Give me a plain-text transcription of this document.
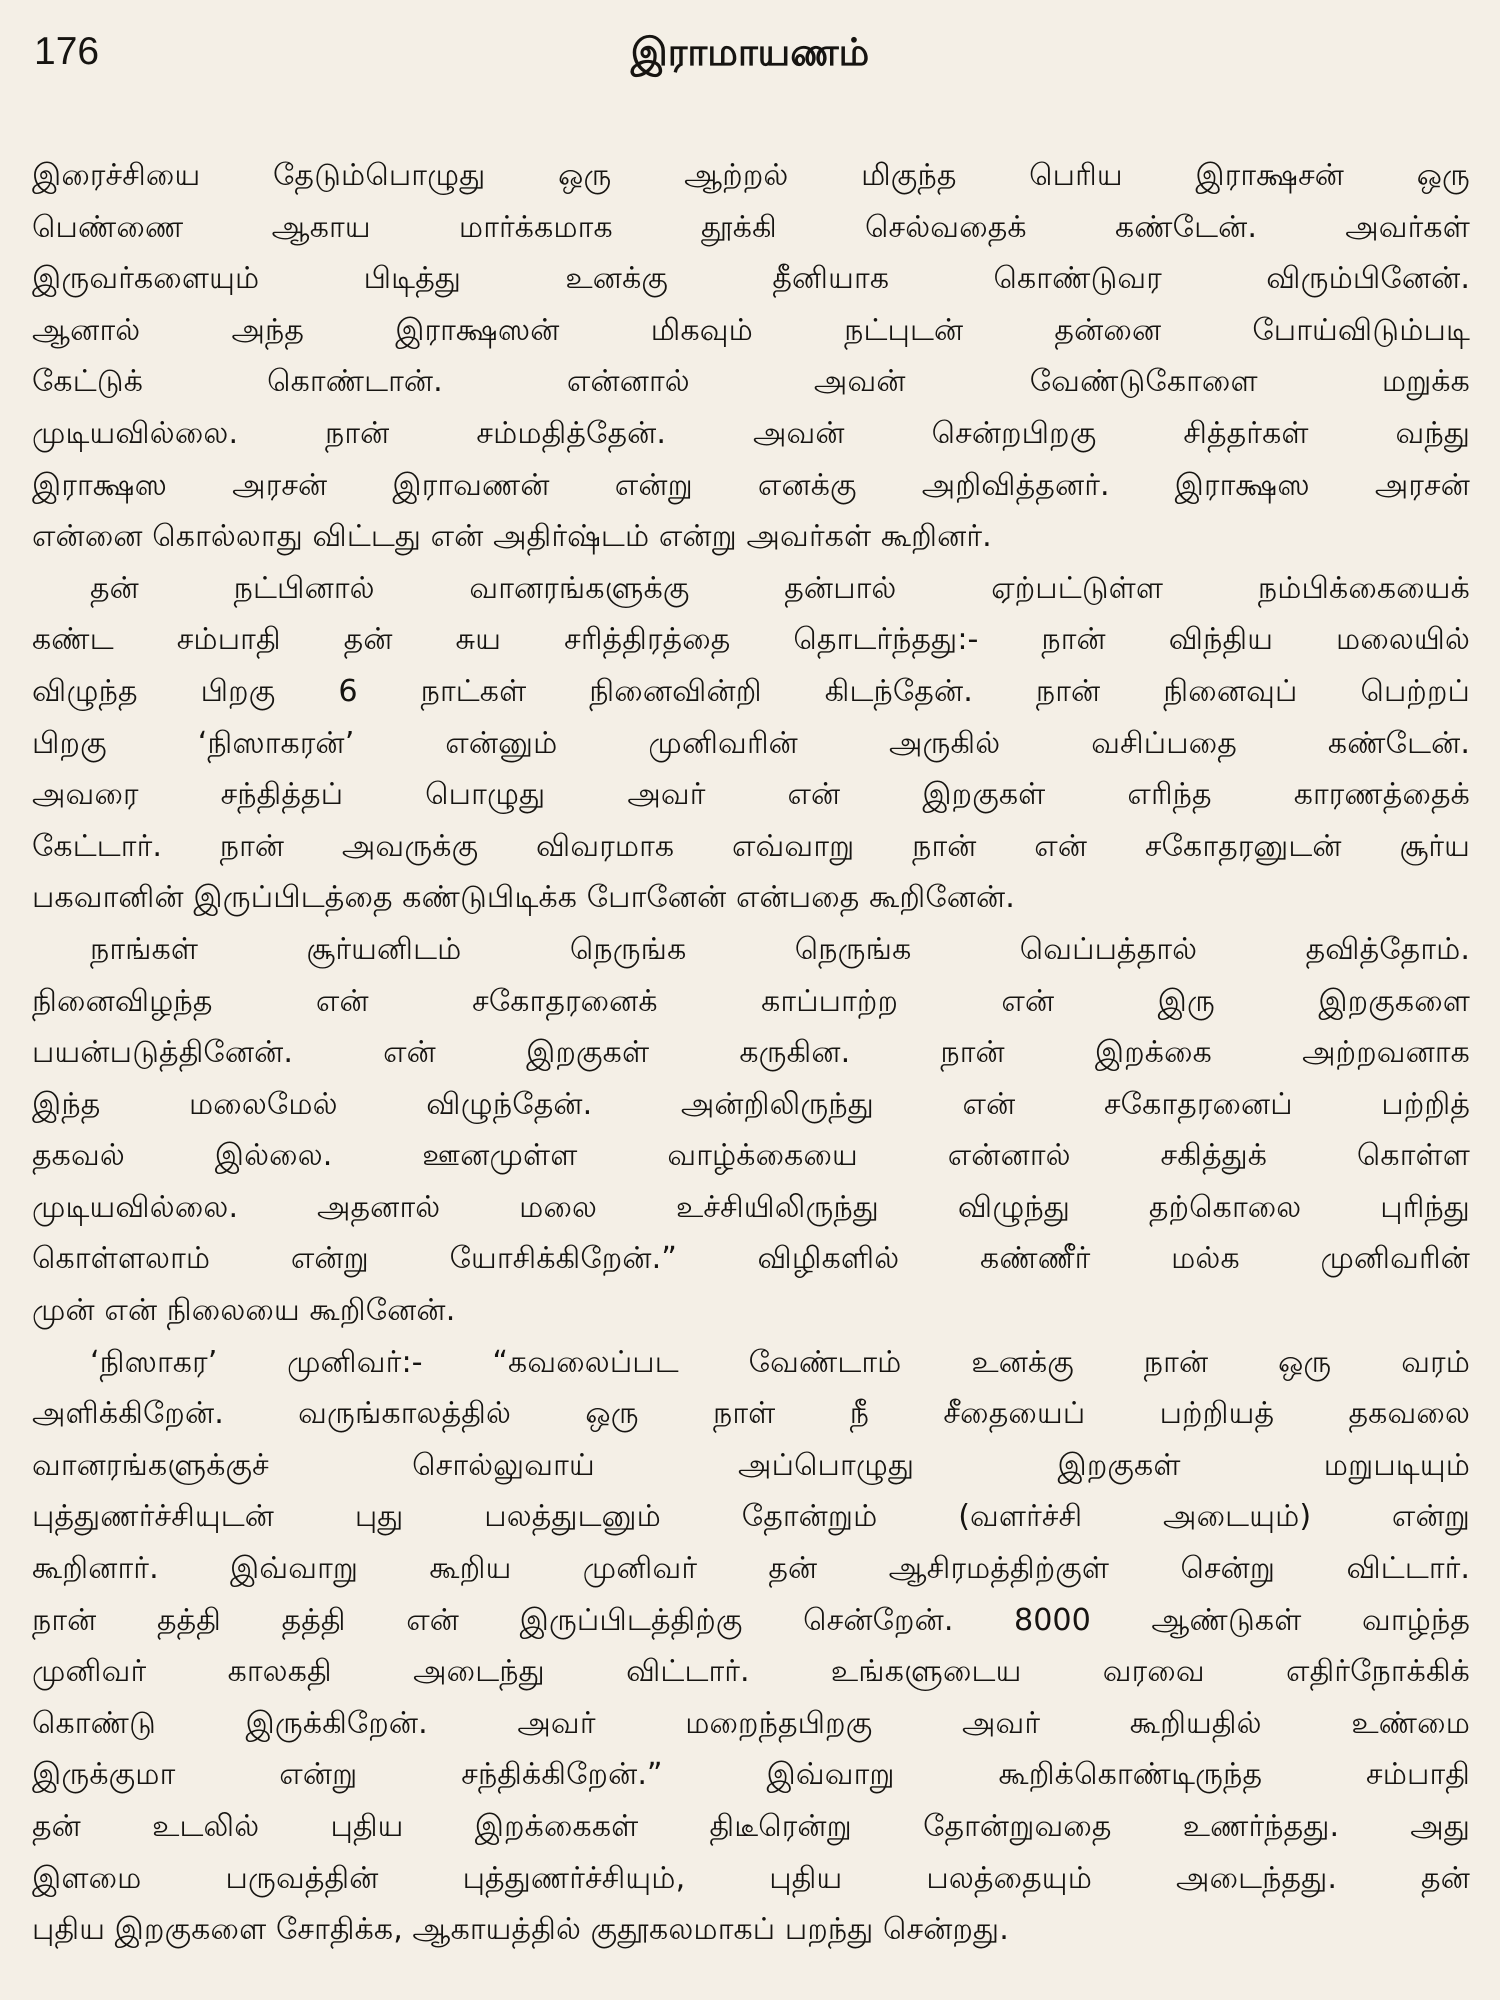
176	இராமாயணம்
இரைச்சியை தேடும்பொழுது ஒரு ஆற்றல் மிகுந்த பெரிய இராக்ஷசன் ஒரு
பெண்ணை ஆகாய மார்க்கமாக தூக்கி செல்வதைக் கண்டேன். அவர்கள்
இருவர்களையும் பிடித்து உனக்கு தீனியாக கொண்டுவர விரும்பினேன்.
ஆனால் அந்த இராக்ஷஸன் மிகவும் நட்புடன் தன்னை போய்விடும்படி
கேட்டுக் கொண்டான். என்னால் அவன் வேண்டுகோளை மறுக்க
முடியவில்லை. நான் சம்மதித்தேன். அவன் சென்றபிறகு சித்தர்கள் வந்து
இராக்ஷஸ அரசன் இராவணன் என்று எனக்கு அறிவித்தனர். இராக்ஷஸ அரசன்
என்னை கொல்லாது விட்டது என் அதிர்ஷ்டம் என்று அவர்கள் கூறினர்.
தன் நட்பினால் வானரங்களுக்கு தன்பால் ஏற்பட்டுள்ள நம்பிக்கையைக்
கண்ட சம்பாதி தன் சுய சரித்திரத்தை தொடர்ந்தது:- நான் விந்திய மலையில்
விழுந்த பிறகு 6 நாட்கள் நினைவின்றி கிடந்தேன். நான் நினைவுப் பெற்றப்
பிறகு ‘நிஸாகரன்’ என்னும் முனிவரின் அருகில் வசிப்பதை கண்டேன்.
அவரை சந்தித்தப் பொழுது அவர் என் இறகுகள் எரிந்த காரணத்தைக்
கேட்டார். நான் அவருக்கு விவரமாக எவ்வாறு நான் என் சகோதரனுடன் சூர்ய
பகவானின் இருப்பிடத்தை கண்டுபிடிக்க போனேன் என்பதை கூறினேன்.
நாங்கள் சூர்யனிடம் நெருங்க நெருங்க வெப்பத்தால் தவித்தோம்.
நினைவிழந்த என் சகோதரனைக் காப்பாற்ற என் இரு இறகுகளை
பயன்படுத்தினேன். என் இறகுகள் கருகின. நான் இறக்கை அற்றவனாக
இந்த மலைமேல் விழுந்தேன். அன்றிலிருந்து என் சகோதரனைப் பற்றித்
தகவல் இல்லை. ஊனமுள்ள வாழ்க்கையை என்னால் சகித்துக் கொள்ள
முடியவில்லை. அதனால் மலை உச்சியிலிருந்து விழுந்து தற்கொலை புரிந்து
கொள்ளலாம் என்று யோசிக்கிறேன்.” விழிகளில் கண்ணீர் மல்க முனிவரின்
முன் என் நிலையை கூறினேன்.
‘நிஸாகர’ முனிவர்:- “கவலைப்பட வேண்டாம் உனக்கு நான் ஒரு வரம்
அளிக்கிறேன். வருங்காலத்தில் ஒரு நாள் நீ சீதையைப் பற்றியத் தகவலை
வானரங்களுக்குச் சொல்லுவாய் அப்பொழுது இறகுகள் மறுபடியும்
புத்துணர்ச்சியுடன் புது பலத்துடனும் தோன்றும் (வளர்ச்சி அடையும்) என்று
கூறினார். இவ்வாறு கூறிய முனிவர் தன் ஆசிரமத்திற்குள் சென்று விட்டார்.
நான் தத்தி தத்தி என் இருப்பிடத்திற்கு சென்றேன். 8000 ஆண்டுகள் வாழ்ந்த
முனிவர் காலகதி அடைந்து விட்டார். உங்களுடைய வரவை எதிர்நோக்கிக்
கொண்டு இருக்கிறேன். அவர் மறைந்தபிறகு அவர் கூறியதில் உண்மை
இருக்குமா என்று சந்திக்கிறேன்.” இவ்வாறு கூறிக்கொண்டிருந்த சம்பாதி
தன் உடலில் புதிய இறக்கைகள் திடீரென்று தோன்றுவதை உணர்ந்தது. அது
இளமை பருவத்தின் புத்துணர்ச்சியும், புதிய பலத்தையும் அடைந்தது. தன்
புதிய இறகுகளை சோதிக்க, ஆகாயத்தில் குதூகலமாகப் பறந்து சென்றது.
